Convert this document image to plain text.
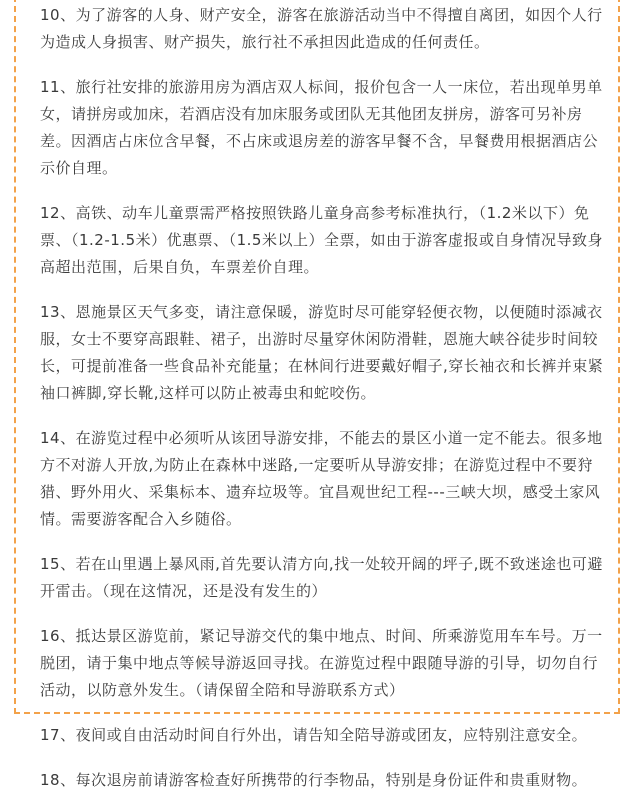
10、为了游客的人身、财产安全，游客在旅游活动当中不得擅自离团，如因个人行为造成人身损害、财产损失，旅行社不承担因此造成的任何责任。

11、旅行社安排的旅游用房为酒店双人标间，报价包含一人一床位，若出现单男单女，请拼房或加床，若酒店没有加床服务或团队无其他团友拼房，游客可另补房差。因酒店占床位含早餐，不占床或退房差的游客早餐不含，早餐费用根据酒店公示价自理。

12、高铁、动车儿童票需严格按照铁路儿童身高参考标准执行，（1.2米以下）免票、（1.2-1.5米）优惠票、（1.5米以上）全票，如由于游客虚报或自身情况导致身高超出范围，后果自负，车票差价自理。

13、恩施景区天气多变，请注意保暖，游览时尽可能穿轻便衣物，以便随时添减衣服，女士不要穿高跟鞋、裙子，出游时尽量穿休闲防滑鞋，恩施大峡谷徒步时间较长，可提前准备一些食品补充能量；在林间行进要戴好帽子,穿长袖衣和长裤并束紧袖口裤脚,穿长靴,这样可以防止被毒虫和蛇咬伤。

14、在游览过程中必须听从该团导游安排，不能去的景区小道一定不能去。很多地方不对游人开放,为防止在森林中迷路,一定要听从导游安排；在游览过程中不要狩猎、野外用火、采集标本、遗弃垃圾等。宜昌观世纪工程---三峡大坝，感受土家风情。需要游客配合入乡随俗。

15、若在山里遇上暴风雨,首先要认清方向,找一处较开阔的坪子,既不致迷途也可避开雷击。（现在这情况，还是没有发生的）

16、抵达景区游览前，紧记导游交代的集中地点、时间、所乘游览用车车号。万一脱团，请于集中地点等候导游返回寻找。在游览过程中跟随导游的引导，切勿自行活动，以防意外发生。（请保留全陪和导游联系方式）

17、夜间或自由活动时间自行外出，请告知全陪导游或团友，应特别注意安全。

18、每次退房前请游客检查好所携带的行李物品，特别是身份证件和贵重财物。
